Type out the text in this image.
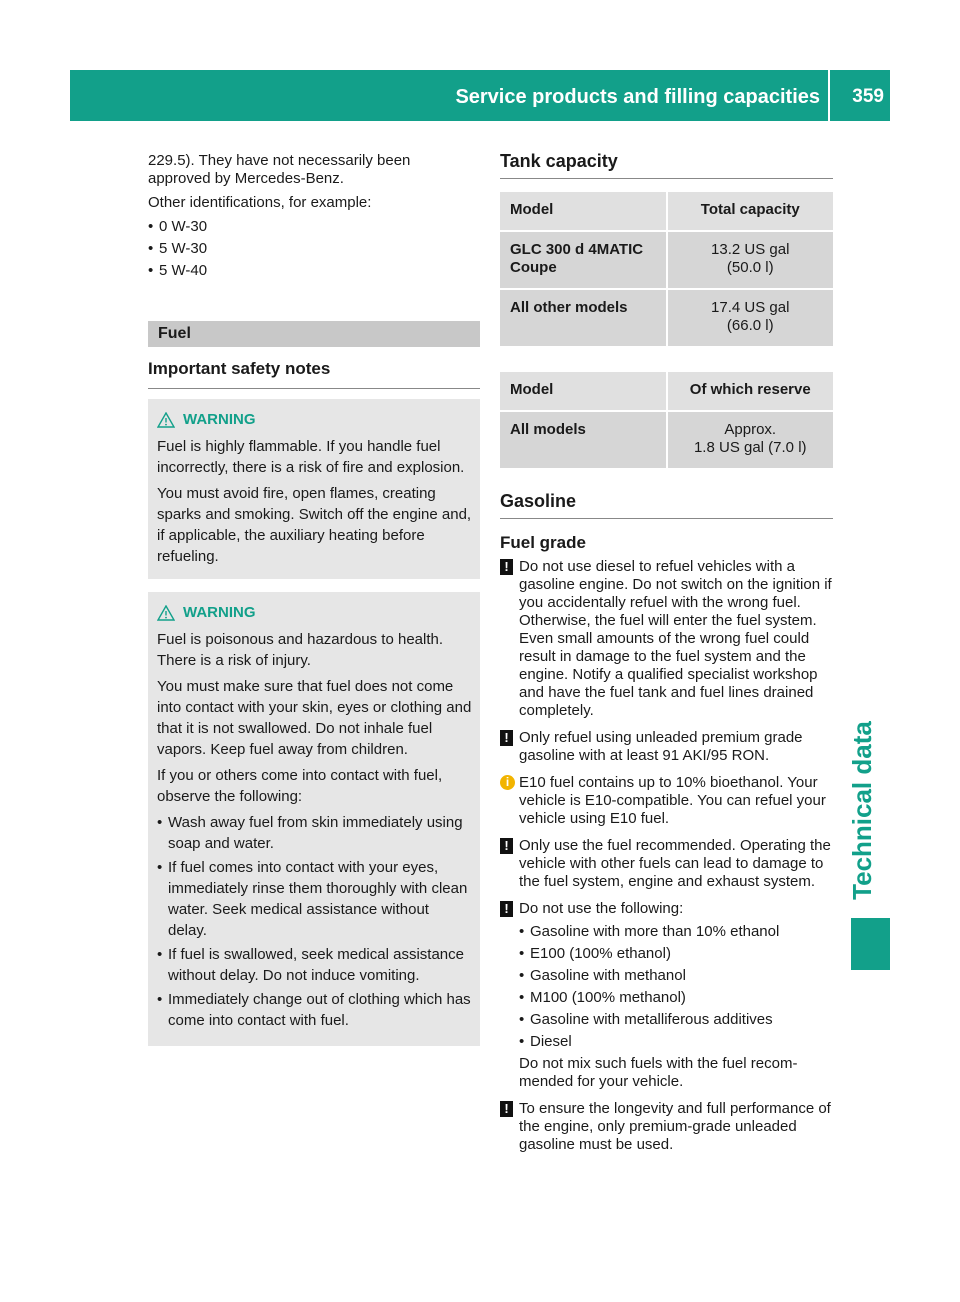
Service products and filling capacities 359
Technical data

229.5). They have not necessarily been

approved by Mercedes-Benz.

Other identifications, for example:

• 0 W-30
• 5 W-30
• 5 W-40
Fuel
Important safety notes
WARNING

Fuel is highly flammable. If you handle fuel incorrectly, there is a risk of fire and explosion.

You must avoid fire, open flames, creating sparks and smoking. Switch off the engine and, if applicable, the auxiliary heating before refueling.

WARNING

Fuel is poisonous and hazardous to health. There is a risk of injury.

You must make sure that fuel does not come into contact with your skin, eyes or clothing and that it is not swallowed. Do not inhale fuel vapors. Keep fuel away from children.

If you or others come into contact with fuel, observe the following:

• Wash away fuel from skin immediately using soap and water.
• If fuel comes into contact with your eyes, immediately rinse them thoroughly with clean water. Seek medical assistance without delay.
• If fuel is swallowed, seek medical assistance without delay. Do not induce vomiting.
• Immediately change out of clothing which has come into contact with fuel.
Tank capacity
Model	Total capacity
GLC 300 d 4MATIC Coupe	13.2 US gal
(50.0 l)

All other models	17.4 US gal
(66.0 l)
Model	Of which reserve
All models	Approx.
1.8 US gal (7.0 l)
Gasoline
Fuel grade
! Do not use diesel to refuel vehicles with a gasoline engine. Do not switch on the ignition if you accidentally refuel with the wrong fuel. Otherwise, the fuel will enter the fuel system. Even small amounts of the wrong fuel could result in damage to the fuel system and the engine. Notify a qualified specialist workshop and have the fuel tank and fuel lines drained completely.
! Only refuel using unleaded premium grade gasoline with at least 91 AKI/95 RON.
i E10 fuel contains up to 10% bioethanol. Your vehicle is E10-compatible. You can refuel your vehicle using E10 fuel.
! Only use the fuel recommended. Operating the vehicle with other fuels can lead to damage to the fuel system, engine and exhaust system.
! Do not use the following:
• Gasoline with more than 10% ethanol
• E100 (100% ethanol)
• Gasoline with methanol
• M100 (100% methanol)
• Gasoline with metalliferous additives
• Diesel
Do not mix such fuels with the fuel recommended for your vehicle.
! To ensure the longevity and full performance of the engine, only premium-grade unleaded gasoline must be used.
